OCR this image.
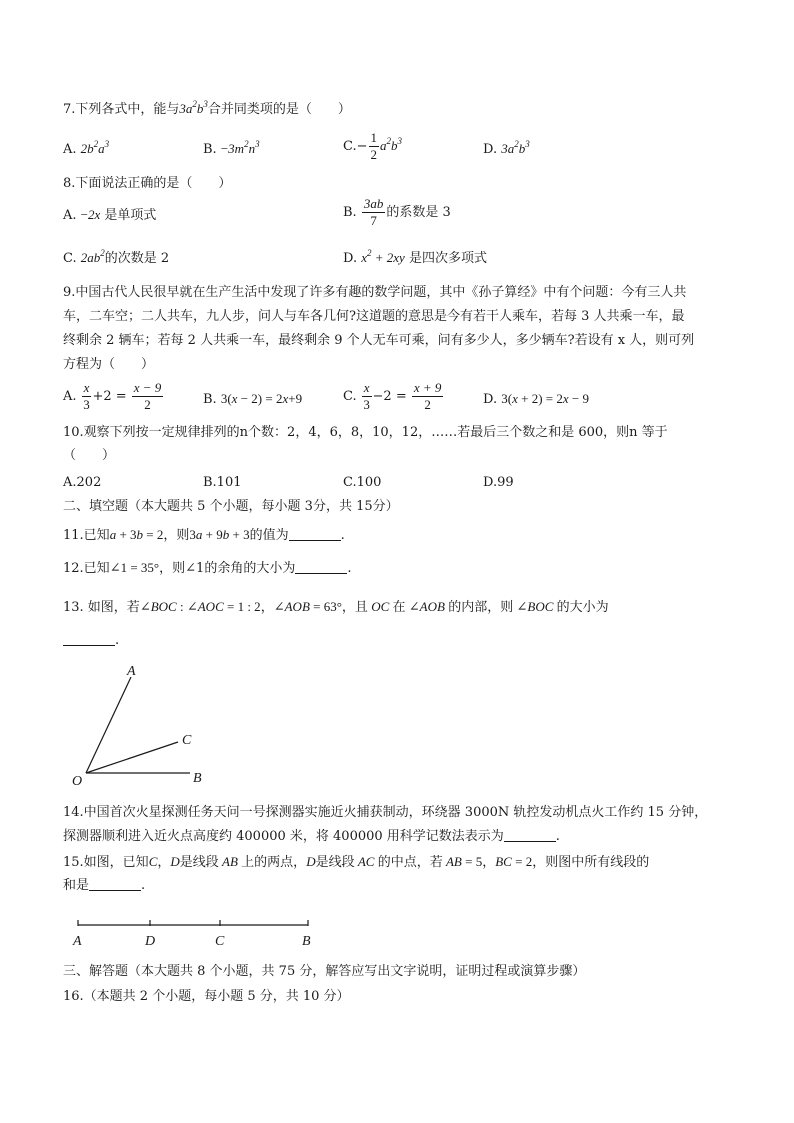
7.下列各式中，能与$3a^2b^3$合并同类项的是（　　）
A. $2b^2a^3$	B. $-3m^2n^3$	$C.- \frac{1}{2} a^2b^3$
D. $3a^2b^3$
8.下面说法正确的是（　　）
A. −2x 是单项式	B. $\frac{3ab}{7}$ 的系数是 3
C. $2ab^2$的次数是 2	D. $x^2 + 2xy$ 是四次多项式
9.中国古代人民很早就在生产生活中发现了许多有趣的数学问题，其中《孙子算经》中有个问题：今有三人共
车，二车空；二人共车，九人步，问人与车各几何?这道题的意思是今有若干人乘车，若每 3 人共乘一车，最
终剩余 2 辆车；若每 2 人共乘一车，最终剩余 9 个人无车可乘，问有多少人，多少辆车?若设有 x 人，则可列
方程为（　　）
A. $\frac{x}{3} +2 = \frac{x - 9}{2}$	B. 3(x − 2) = 2x+9	C. $\frac{x}{3} -2 = \frac{x + 9}{2}$	D. 3(x + 2) = 2x − 9
10.观察下列按一定规律排列的n个数：2，4，6，8，10，12，……若最后三个数之和是 600，则n 等于
（　　）
A.202	B.101	C.100	D.99
二、填空题（本大题共 5 个小题，每小题 3分，共 15分）
11.已知a + 3b = 2，则3a + 9b + 3的值为	.
12.已知∠1 = 35°，则∠1的余角的大小为	.
13. 如图，若∠BOC : ∠AOC = 1 : 2，∠AOB = 63°，且 OC 在 ∠AOB 的内部，则 ∠BOC 的大小为
.
A
C
O	B
14.中国首次火星探测任务天问一号探测器实施近火捕获制动，环绕器 3000N 轨控发动机点火工作约 15 分钟，
探测器顺利进入近火点高度约 400000 米，将 400000 用科学记数法表示为	.
15.如图，已知C，D是线段 AB 上的两点，D是线段 AC 的中点，若 AB = 5，BC = 2，则图中所有线段的
和是	.
A	D	C	B
三、解答题（本大题共 8 个小题，共 75 分，解答应写出文字说明，证明过程或演算步骤）
16.（本题共 2 个小题，每小题 5 分，共 10 分）
